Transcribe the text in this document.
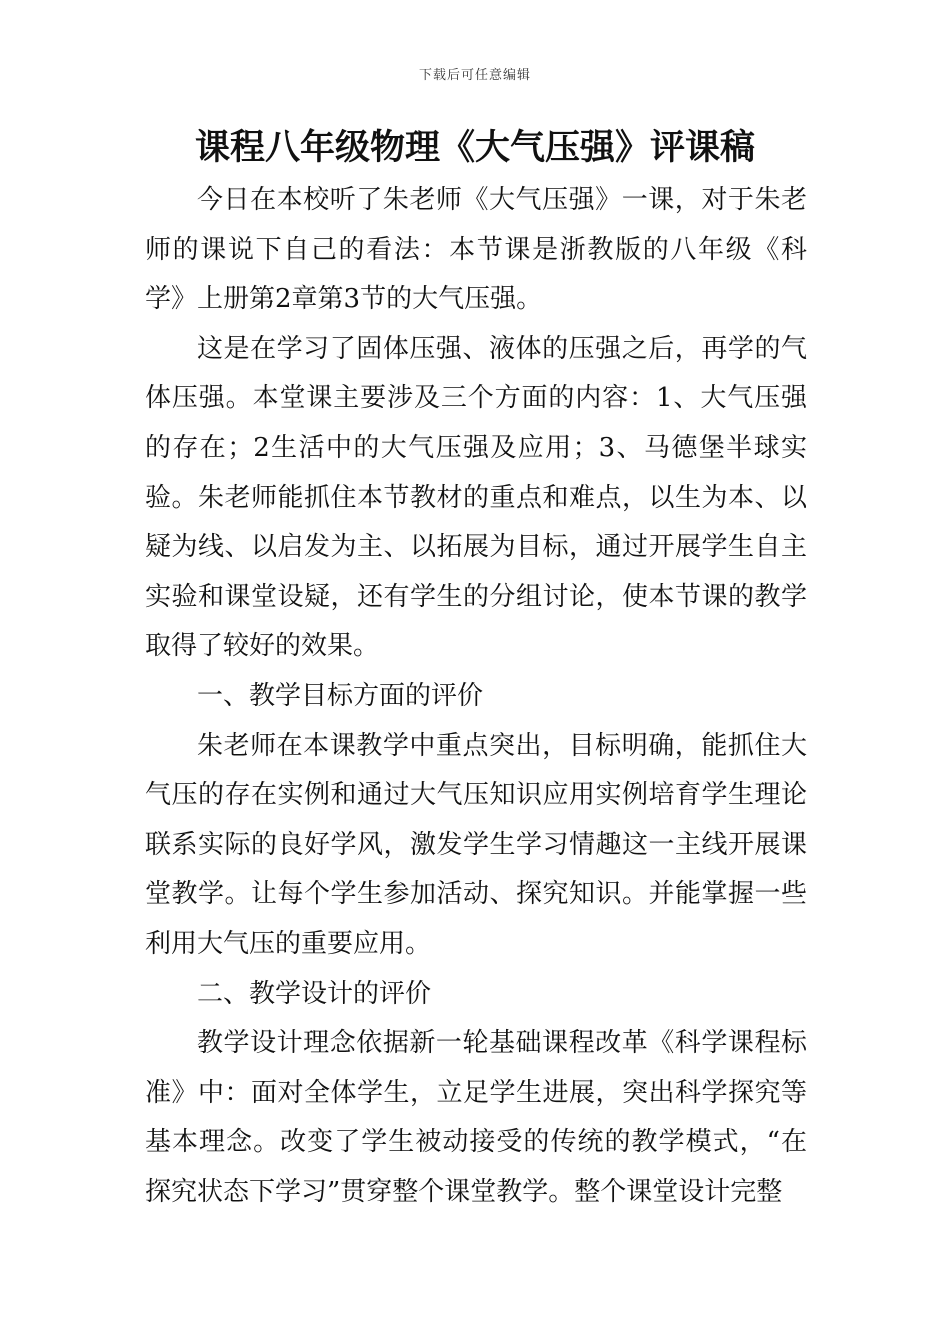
下载后可任意编辑
课程八年级物理《大气压强》评课稿

今日在本校听了朱老师《大气压强》一课，对于朱老师的课说下自己的看法：本节课是浙教版的八年级《科学》上册第2章第3节的大气压强。

这是在学习了固体压强、液体的压强之后，再学的气体压强。本堂课主要涉及三个方面的内容：1、大气压强的存在；2生活中的大气压强及应用；3、马德堡半球实验。朱老师能抓住本节教材的重点和难点，以生为本、以疑为线、以启发为主、以拓展为目标，通过开展学生自主实验和课堂设疑，还有学生的分组讨论，使本节课的教学取得了较好的效果。

一、教学目标方面的评价

朱老师在本课教学中重点突出，目标明确，能抓住大气压的存在实例和通过大气压知识应用实例培育学生理论联系实际的良好学风，激发学生学习情趣这一主线开展课堂教学。让每个学生参加活动、探究知识。并能掌握一些利用大气压的重要应用。

二、教学设计的评价

教学设计理念依据新一轮基础课程改革《科学课程标准》中：面对全体学生，立足学生进展，突出科学探究等基本理念。改变了学生被动接受的传统的教学模式，“在探究状态下学习”贯穿整个课堂教学。整个课堂设计完整
